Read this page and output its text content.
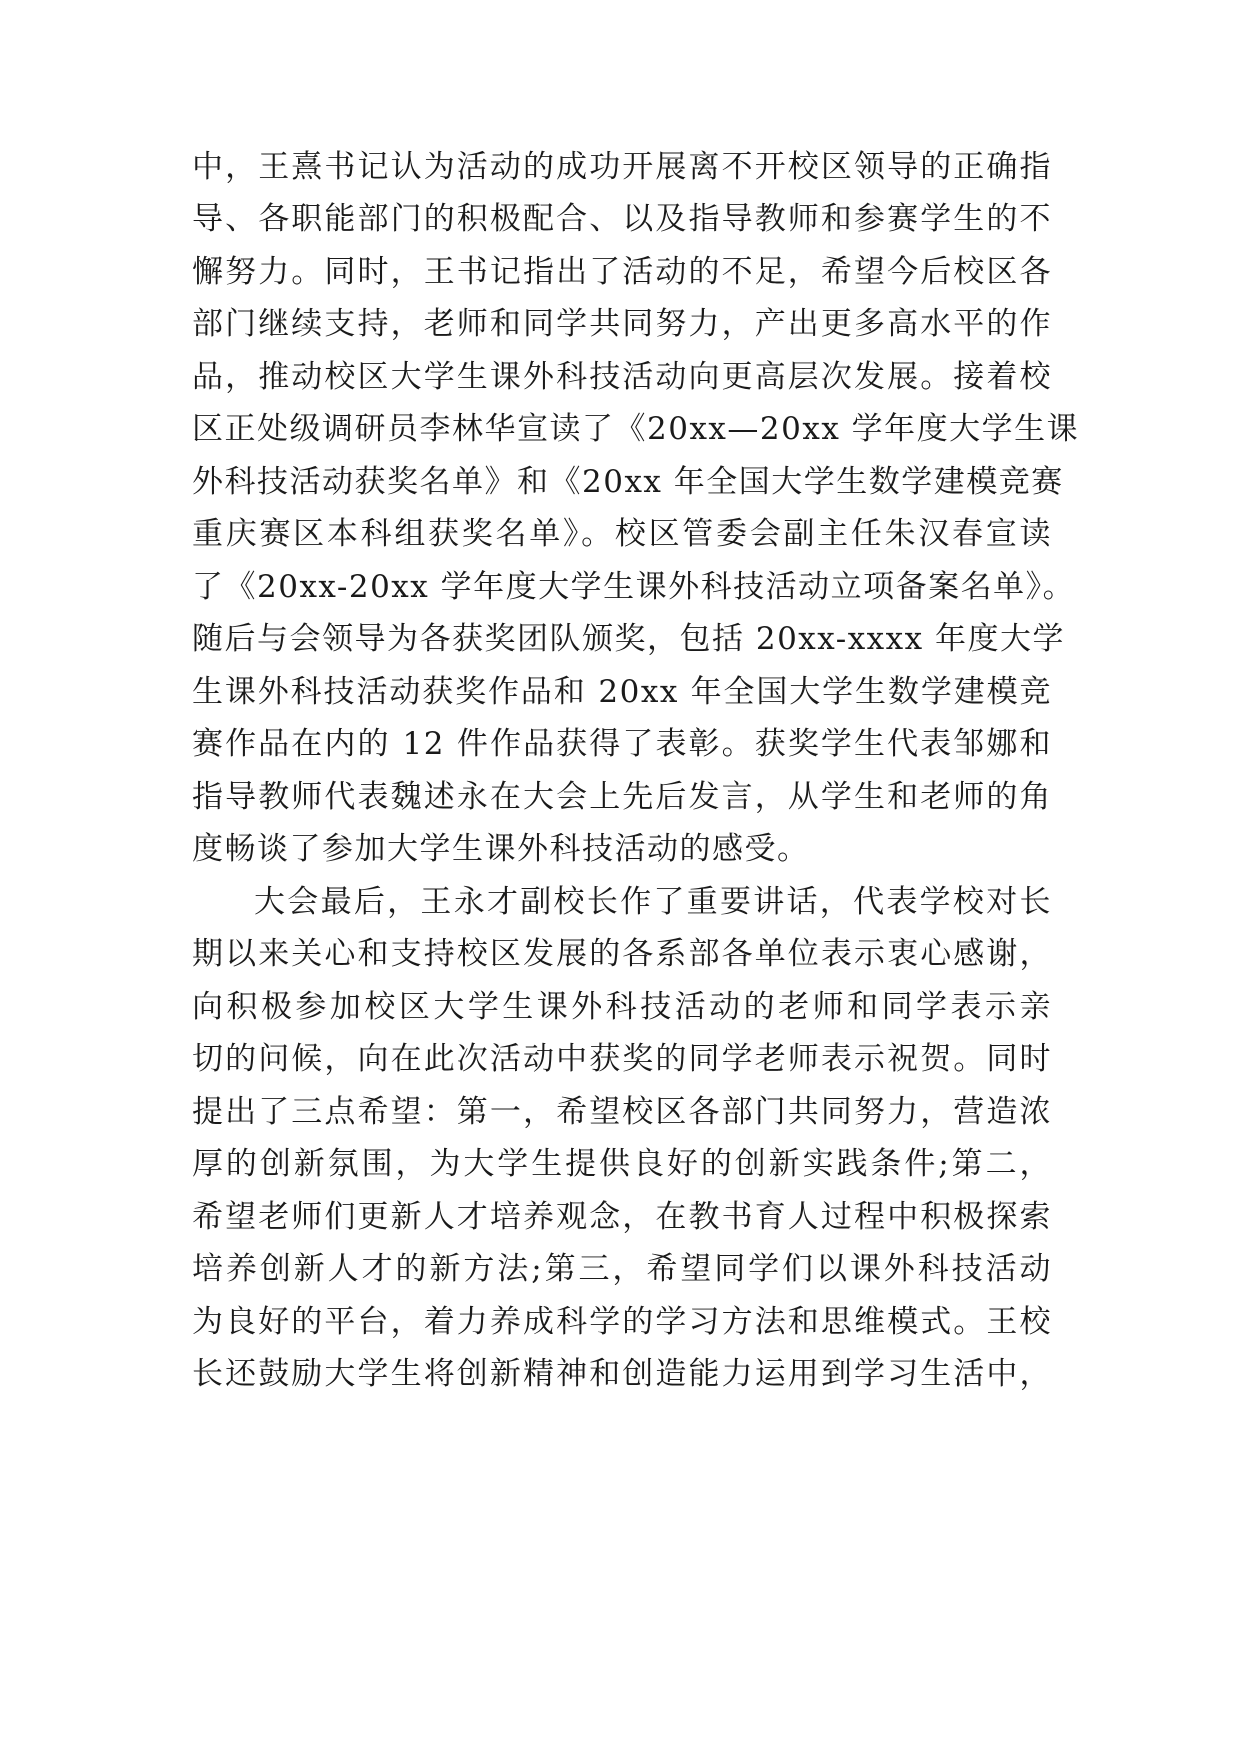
中，王熹书记认为活动的成功开展离不开校区领导的正确指
导、各职能部门的积极配合、以及指导教师和参赛学生的不
懈努力。同时，王书记指出了活动的不足，希望今后校区各
部门继续支持，老师和同学共同努力，产出更多高水平的作
品，推动校区大学生课外科技活动向更高层次发展。接着校
区正处级调研员李林华宣读了《20xx—20xx 学年度大学生课
外科技活动获奖名单》和《20xx 年全国大学生数学建模竞赛
重庆赛区本科组获奖名单》。校区管委会副主任朱汉春宣读
了《20xx-20xx 学年度大学生课外科技活动立项备案名单》。
随后与会领导为各获奖团队颁奖，包括 20xx-xxxx 年度大学
生课外科技活动获奖作品和 20xx 年全国大学生数学建模竞
赛作品在内的 12 件作品获得了表彰。获奖学生代表邹娜和
指导教师代表魏述永在大会上先后发言，从学生和老师的角
度畅谈了参加大学生课外科技活动的感受。
大会最后，王永才副校长作了重要讲话，代表学校对长
期以来关心和支持校区发展的各系部各单位表示衷心感谢，
向积极参加校区大学生课外科技活动的老师和同学表示亲
切的问候，向在此次活动中获奖的同学老师表示祝贺。同时
提出了三点希望：第一，希望校区各部门共同努力，营造浓
厚的创新氛围，为大学生提供良好的创新实践条件;第二，
希望老师们更新人才培养观念，在教书育人过程中积极探索
培养创新人才的新方法;第三，希望同学们以课外科技活动
为良好的平台，着力养成科学的学习方法和思维模式。王校
长还鼓励大学生将创新精神和创造能力运用到学习生活中，
